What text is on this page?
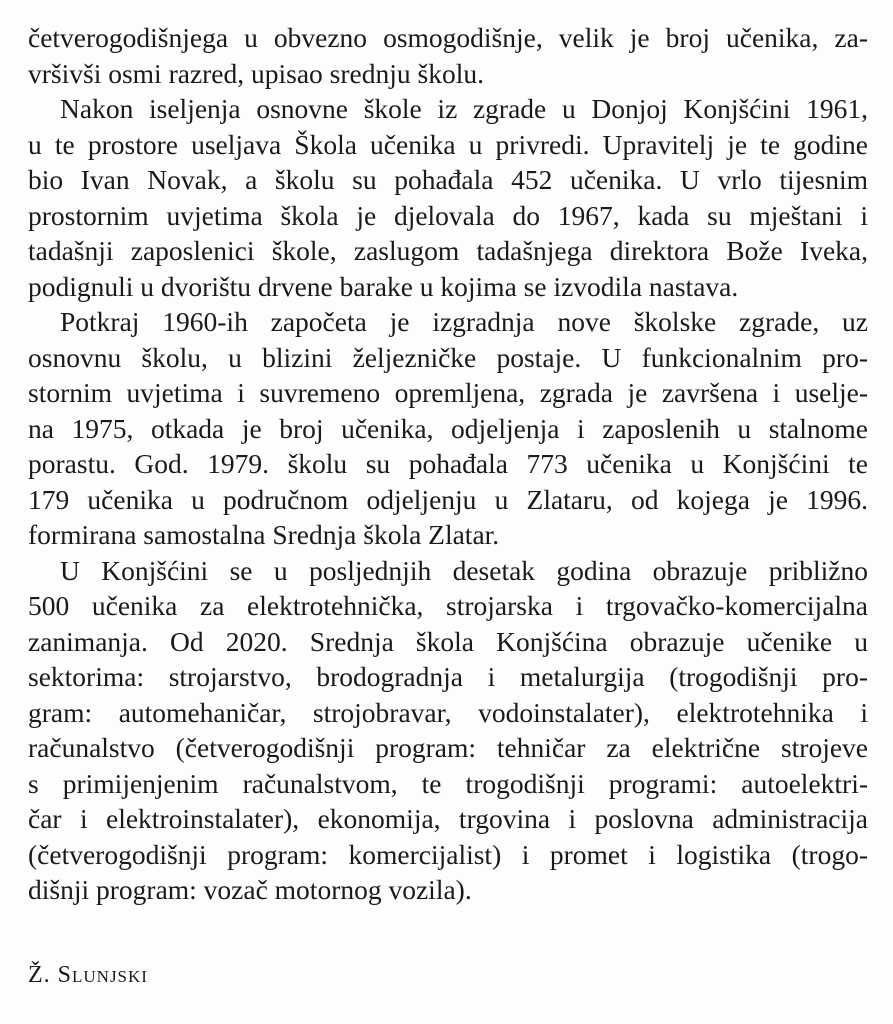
četverogodišnjega u obvezno osmogodišnje, velik je broj učenika, za-
vršivši osmi razred, upisao srednju školu.
Nakon iseljenja osnovne škole iz zgrade u Donjoj Konjšćini 1961,
u te prostore useljava Škola učenika u privredi. Upravitelj je te godine
bio Ivan Novak, a školu su pohađala 452 učenika. U vrlo tijesnim
prostornim uvjetima škola je djelovala do 1967, kada su mještani i
tadašnji zaposlenici škole, zaslugom tadašnjega direktora Bože Iveka,
podignuli u dvorištu drvene barake u kojima se izvodila nastava.
Potkraj 1960-ih započeta je izgradnja nove školske zgrade, uz
osnovnu školu, u blizini željezničke postaje. U funkcionalnim pro-
stornim uvjetima i suvremeno opremljena, zgrada je završena i uselje-
na 1975, otkada je broj učenika, odjeljenja i zaposlenih u stalnome
porastu. God. 1979. školu su pohađala 773 učenika u Konjšćini te
179 učenika u područnom odjeljenju u Zlataru, od kojega je 1996.
formirana samostalna Srednja škola Zlatar.
U Konjšćini se u posljednjih desetak godina obrazuje približno
500 učenika za elektrotehnička, strojarska i trgovačko-komercijalna
zanimanja. Od 2020. Srednja škola Konjšćina obrazuje učenike u
sektorima: strojarstvo, brodogradnja i metalurgija (trogodišnji pro-
gram: automehaničar, strojobravar, vodoinstalater), elektrotehnika i
računalstvo (četverogodišnji program: tehničar za električne strojeve
s primijenjenim računalstvom, te trogodišnji programi: autoelektri-
čar i elektroinstalater), ekonomija, trgovina i poslovna administracija
(četverogodišnji program: komercijalist) i promet i logistika (trogo-
dišnji program: vozač motornog vozila).
Ž. Slunjski
